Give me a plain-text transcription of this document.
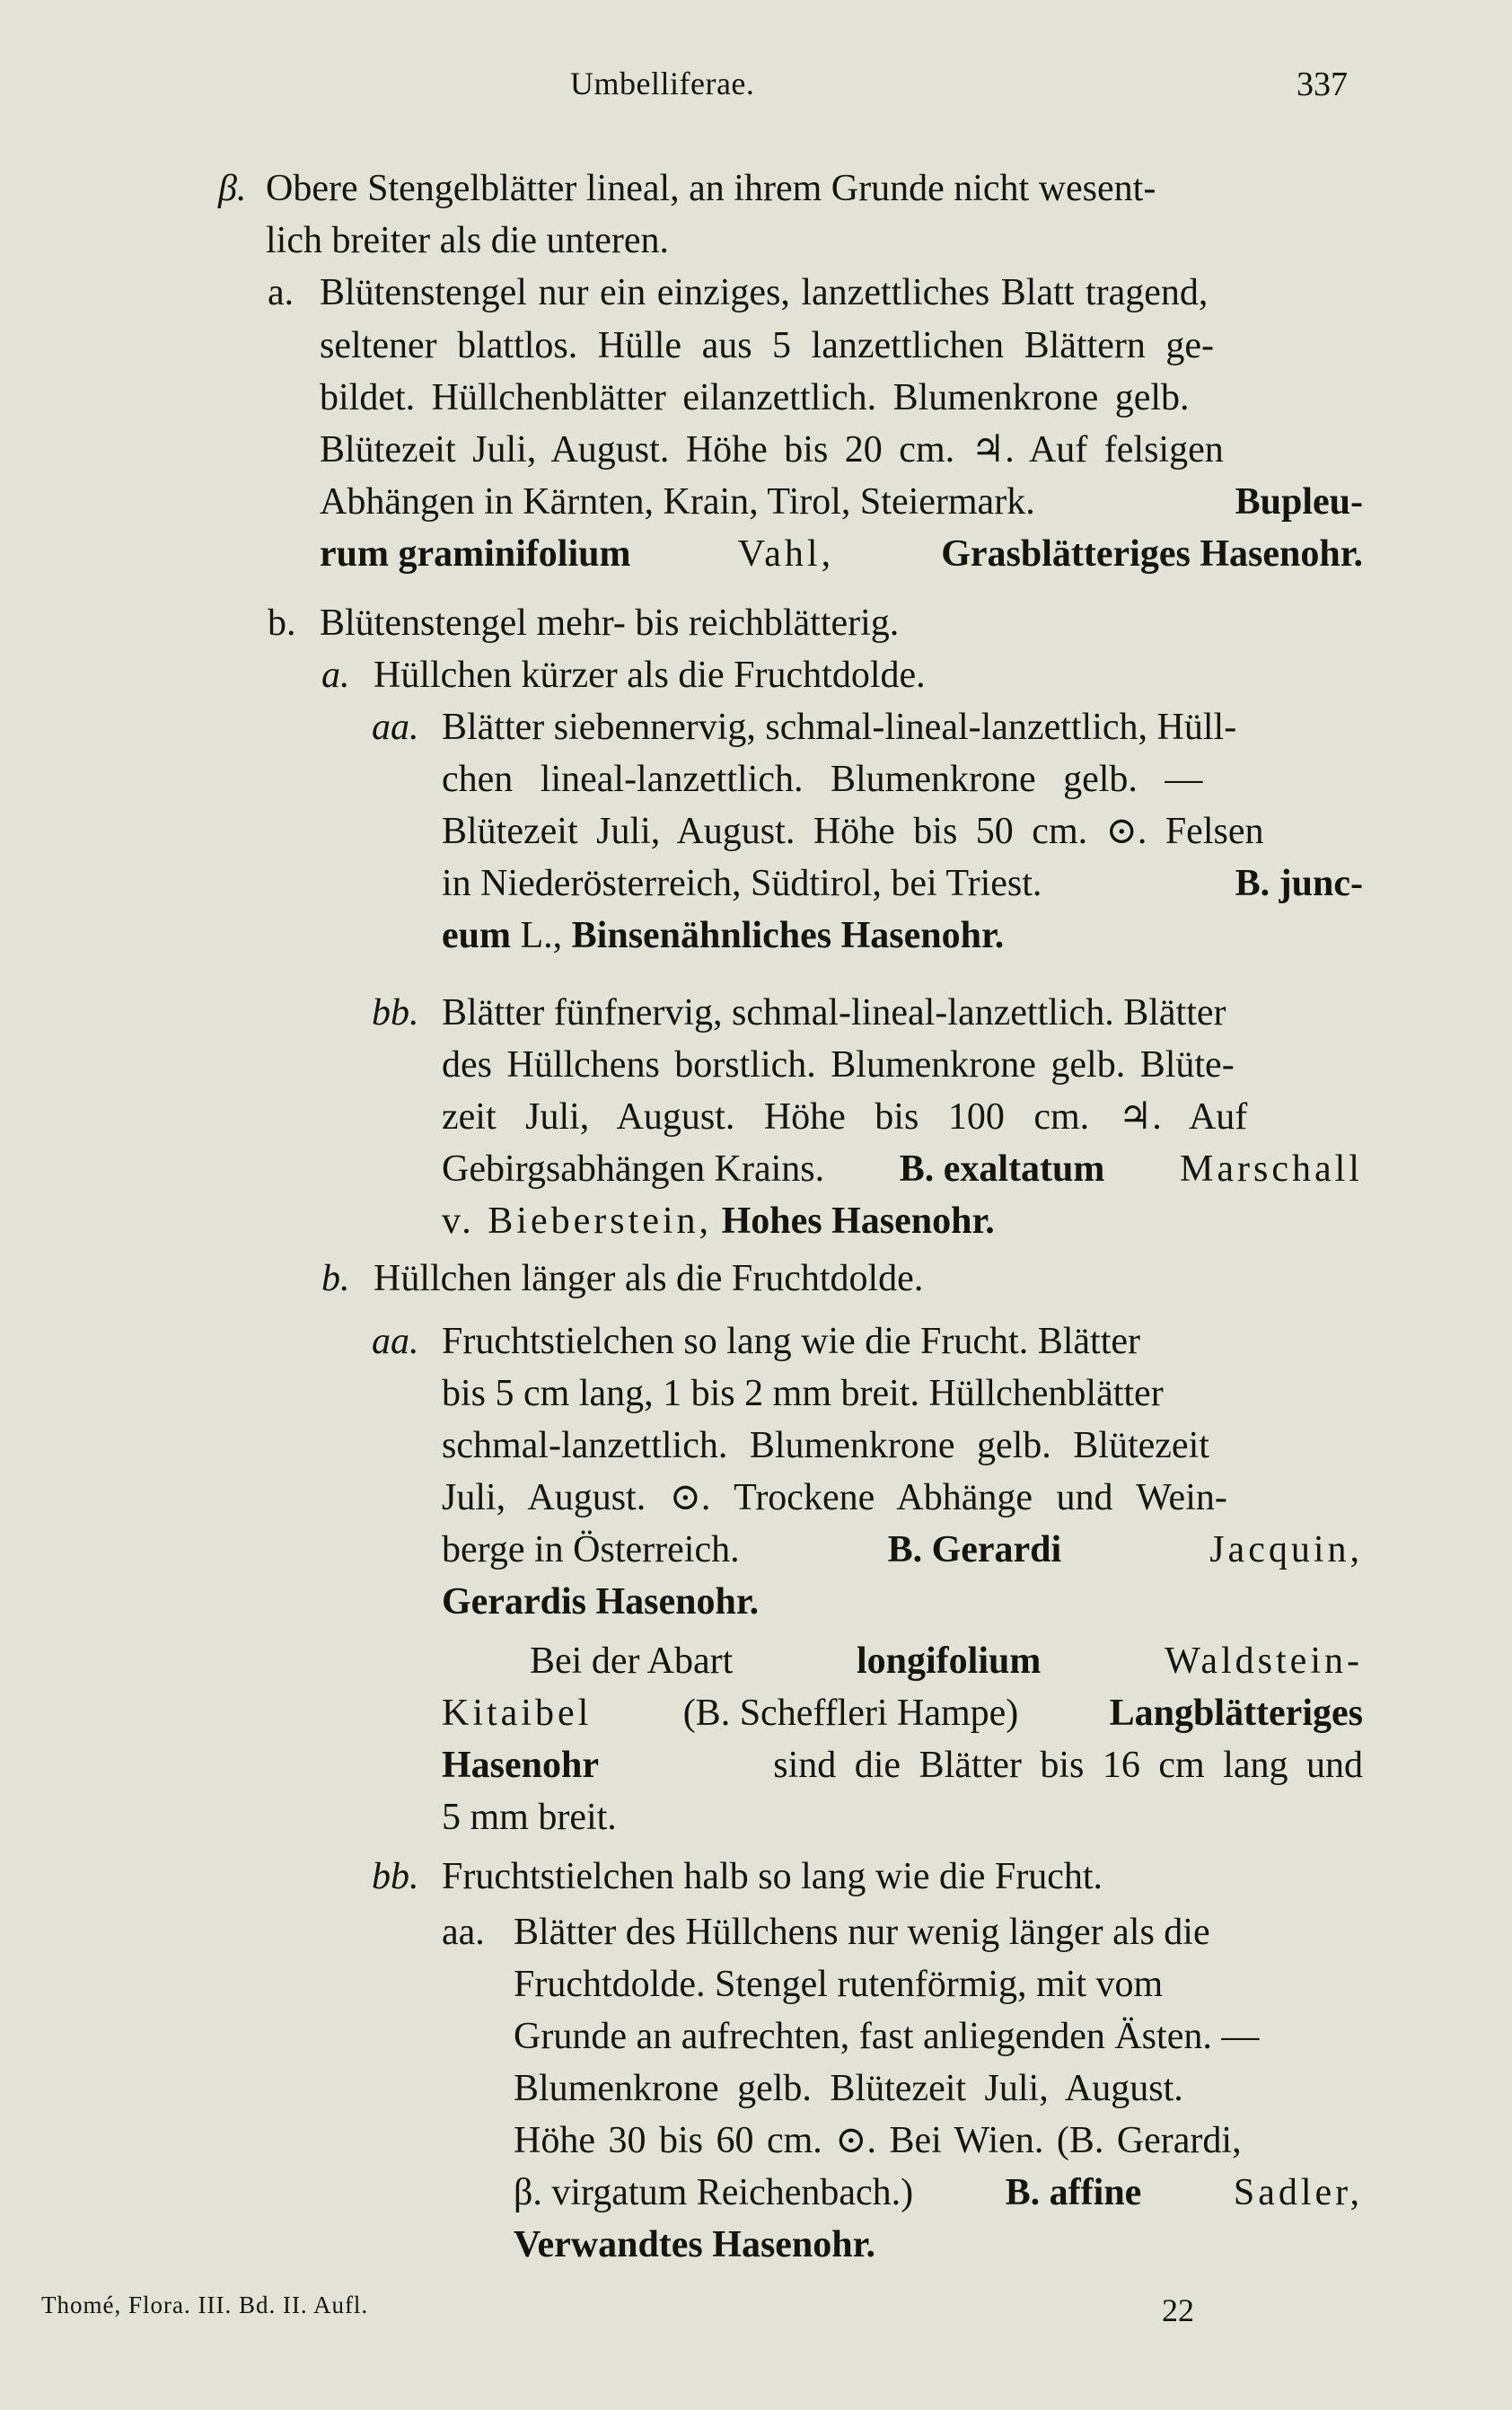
Umbelliferae.	337
β. Obere Stengelblätter lineal, an ihrem Grunde nicht wesent-
lich breiter als die unteren.
a. Blütenstengel nur ein einziges, lanzettliches Blatt tragend,
seltener blattlos. Hülle aus 5 lanzettlichen Blättern ge-
bildet. Hüllchenblätter eilanzettlich. Blumenkrone gelb.
Blütezeit Juli, August. Höhe bis 20 cm. ♃. Auf felsigen
Abhängen in Kärnten, Krain, Tirol, Steiermark.	Bupleu-
rum graminifolium	Vahl,	Grasblätteriges Hasenohr.
b. Blütenstengel mehr- bis reichblätterig.
a. Hüllchen kürzer als die Fruchtdolde.
aa. Blätter siebennervig, schmal-lineal-lanzettlich, Hüll-
chen lineal-lanzettlich. Blumenkrone gelb. —
Blütezeit Juli, August. Höhe bis 50 cm. ⊙. Felsen
in Niederösterreich, Südtirol, bei Triest.	B. junc-
eum L., Binsenähnliches Hasenohr.
bb. Blätter fünfnervig, schmal-lineal-lanzettlich. Blätter
des Hüllchens borstlich. Blumenkrone gelb. Blüte-
zeit Juli, August. Höhe bis 100 cm. ♃. Auf
Gebirgsabhängen Krains. B. exaltatum Marschall
v. Bieberstein, Hohes Hasenohr.
b. Hüllchen länger als die Fruchtdolde.
aa. Fruchtstielchen so lang wie die Frucht. Blätter
bis 5 cm lang, 1 bis 2 mm breit. Hüllchenblätter
schmal-lanzettlich. Blumenkrone gelb. Blütezeit
Juli, August. ⊙. Trockene Abhänge und Wein-
berge in Österreich.	B. Gerardi	Jacquin,
Gerardis Hasenohr.
Bei der Abart	longifolium	Waldstein-
Kitaibel (B. Scheffleri Hampe) Langblätteriges
Hasenohr	sind die Blätter bis 16 cm lang und
5 mm breit.
bb. Fruchtstielchen halb so lang wie die Frucht.
aa. Blätter des Hüllchens nur wenig länger als die
Fruchtdolde. Stengel rutenförmig, mit vom
Grunde an aufrechten, fast anliegenden Ästen. —
Blumenkrone gelb. Blütezeit Juli, August.
Höhe 30 bis 60 cm. ⊙. Bei Wien. (B. Gerardi,
β. virgatum Reichenbach.) B. affine Sadler,
Verwandtes Hasenohr.
Thomé, Flora. III. Bd. II. Aufl.	22
